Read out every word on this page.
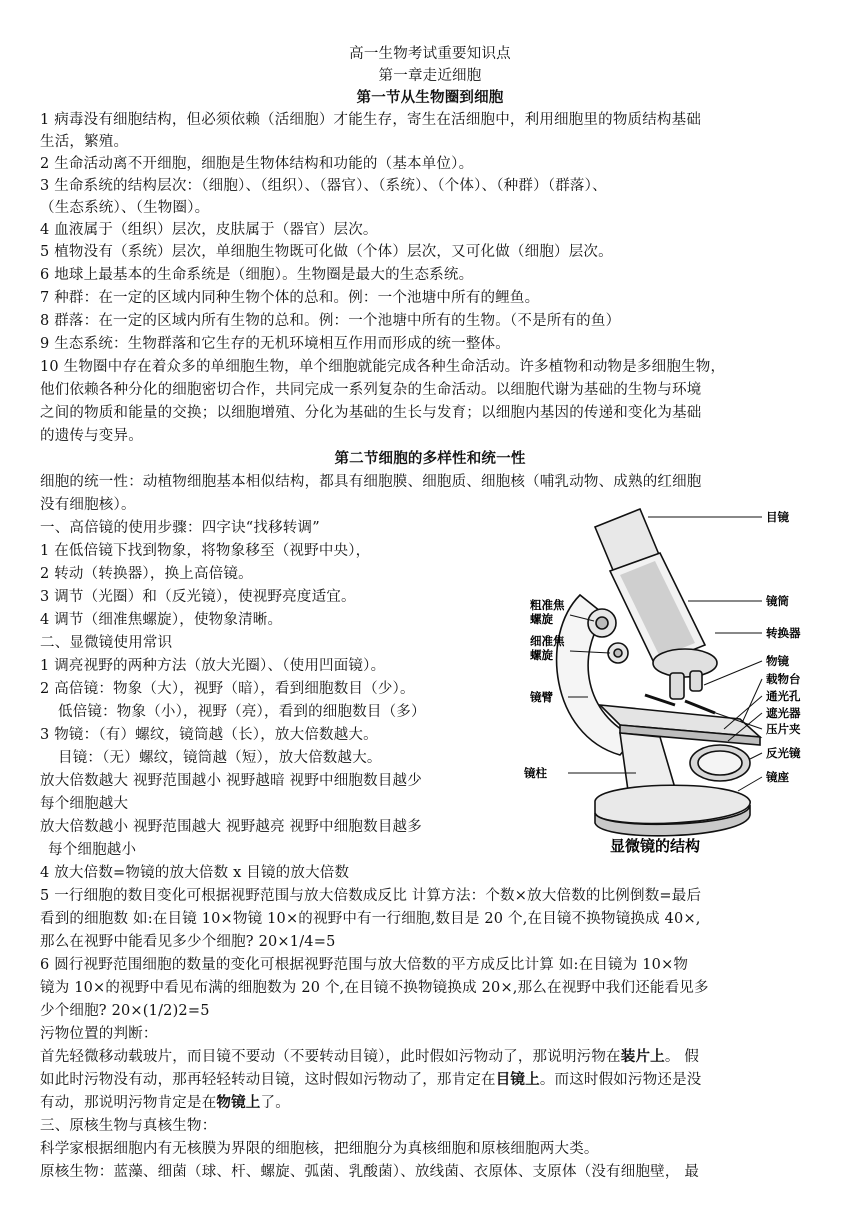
高一生物考试重要知识点
第一章走近细胞
第一节从生物圈到细胞
1 病毒没有细胞结构，但必须依赖（活细胞）才能生存，寄生在活细胞中，利用细胞里的物质结构基础
生活，繁殖。
2 生命活动离不开细胞，细胞是生物体结构和功能的（基本单位）。
3 生命系统的结构层次：（细胞）、（组织）、（器官）、（系统）、（个体）、（种群）（群落）、
（生态系统）、（生物圈）。
4 血液属于（组织）层次，皮肤属于（器官）层次。
5 植物没有（系统）层次，单细胞生物既可化做（个体）层次，又可化做（细胞）层次。
6 地球上最基本的生命系统是（细胞）。生物圈是最大的生态系统。
7 种群：在一定的区域内同种生物个体的总和。例：一个池塘中所有的鲤鱼。
8 群落：在一定的区域内所有生物的总和。例：一个池塘中所有的生物。（不是所有的鱼）
9 生态系统：生物群落和它生存的无机环境相互作用而形成的统一整体。
10 生物圈中存在着众多的单细胞生物，单个细胞就能完成各种生命活动。许多植物和动物是多细胞生物，
他们依赖各种分化的细胞密切合作，共同完成一系列复杂的生命活动。以细胞代谢为基础的生物与环境
之间的物质和能量的交换；以细胞增殖、分化为基础的生长与发育；以细胞内基因的传递和变化为基础
的遗传与变异。
第二节细胞的多样性和统一性
细胞的统一性：动植物细胞基本相似结构，都具有细胞膜、细胞质、细胞核（哺乳动物、成熟的红细胞
没有细胞核）。
一、高倍镜的使用步骤：四字诀“找移转调”
1 在低倍镜下找到物象，将物象移至（视野中央），
2 转动（转换器），换上高倍镜。
3 调节（光圈）和（反光镜），使视野亮度适宜。
4 调节（细准焦螺旋），使物象清晰。
二、显微镜使用常识
1 调亮视野的两种方法（放大光圈）、（使用凹面镜）。
2 高倍镜：物象（大），视野（暗），看到细胞数目（少）。
低倍镜：物象（小），视野（亮），看到的细胞数目（多）
3 物镜：（有）螺纹，镜筒越（长），放大倍数越大。
目镜：（无）螺纹，镜筒越（短），放大倍数越大。
放大倍数越大 视野范围越小 视野越暗 视野中细胞数目越少
每个细胞越大
放大倍数越小 视野范围越大 视野越亮 视野中细胞数目越多
每个细胞越小
4 放大倍数=物镜的放大倍数 x 目镜的放大倍数
5 一行细胞的数目变化可根据视野范围与放大倍数成反比 计算方法：个数×放大倍数的比例倒数=最后
看到的细胞数 如:在目镜 10×物镜 10×的视野中有一行细胞,数目是 20 个,在目镜不换物镜换成 40×,
那么在视野中能看见多少个细胞? 20×1/4=5
6 圆行视野范围细胞的数量的变化可根据视野范围与放大倍数的平方成反比计算 如:在目镜为 10×物
镜为 10×的视野中看见布满的细胞数为 20 个,在目镜不换物镜换成 20×,那么在视野中我们还能看见多
少个细胞? 20×(1/2)2=5
污物位置的判断：
首先轻微移动载玻片，而目镜不要动（不要转动目镜），此时假如污物动了，那说明污物在装片上。 假
如此时污物没有动，那再轻轻转动目镜，这时假如污物动了，那肯定在目镜上。而这时假如污物还是没
有动，那说明污物肯定是在物镜上了。
三、原核生物与真核生物：
科学家根据细胞内有无核膜为界限的细胞核，把细胞分为真核细胞和原核细胞两大类。
原核生物：蓝藻、细菌（球、杆、螺旋、弧菌、乳酸菌）、放线菌、衣原体、支原体（没有细胞壁， 最
目镜
镜筒
转换器
物镜
载物台
通光孔
遮光器
压片夹
反光镜
镜座
粗准焦
螺旋
细准焦
螺旋
镜臂
镜柱
显微镜的结构
